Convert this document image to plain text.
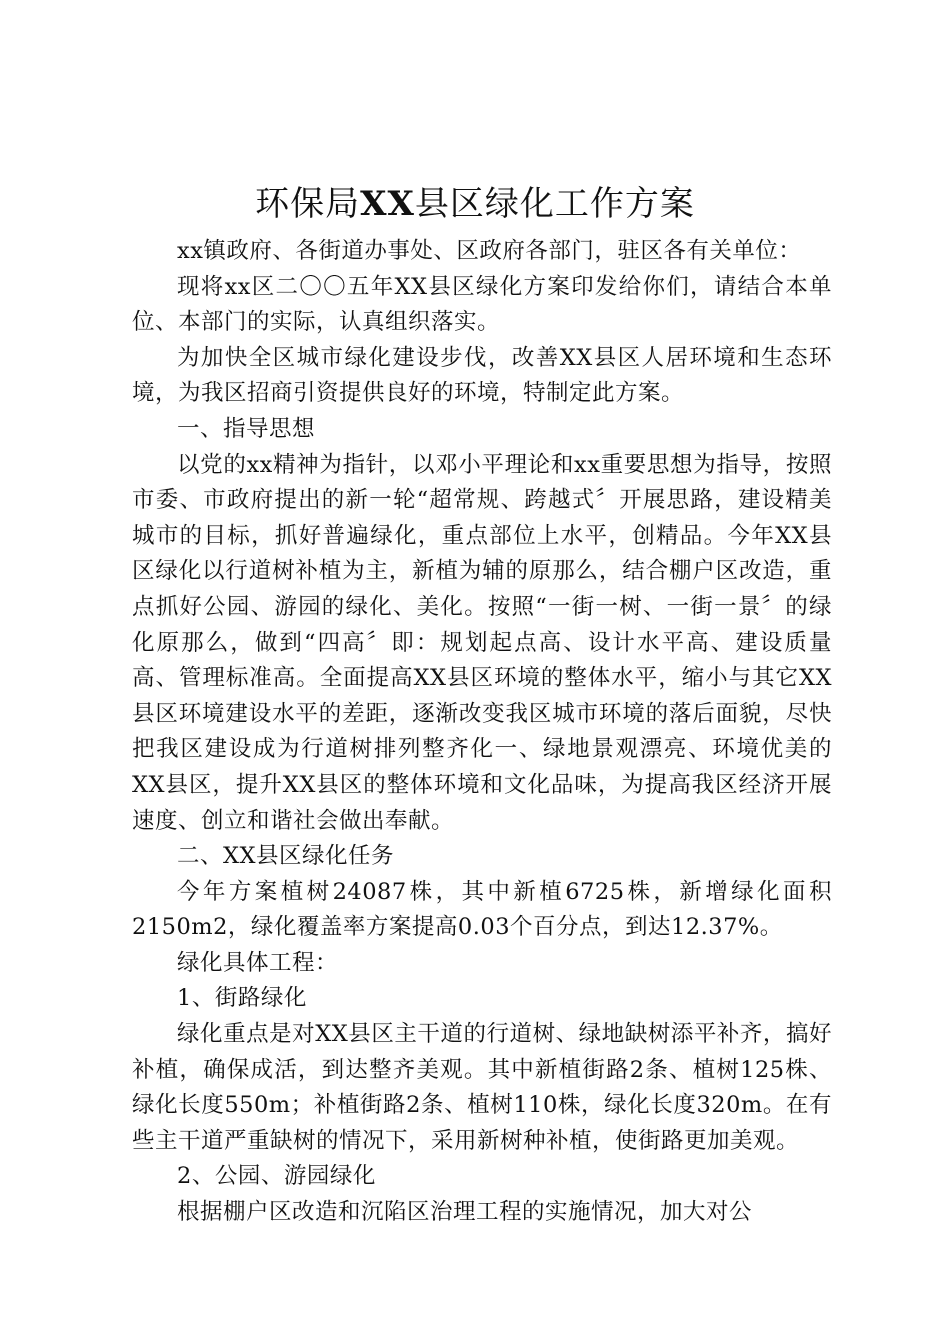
环保局XX县区绿化工作方案

xx镇政府、各街道办事处、区政府各部门，驻区各有关单位：

现将xx区二〇〇五年XX县区绿化方案印发给你们，请结合本单位、本部门的实际，认真组织落实。

为加快全区城市绿化建设步伐，改善XX县区人居环境和生态环境，为我区招商引资提供良好的环境，特制定此方案。

一、指导思想

以党的xx精神为指针，以邓小平理论和xx重要思想为指导，按照市委、市政府提出的新一轮“超常规、跨越式〞开展思路，建设精美城市的目标，抓好普遍绿化，重点部位上水平，创精品。今年XX县区绿化以行道树补植为主，新植为辅的原那么，结合棚户区改造，重点抓好公园、游园的绿化、美化。按照“一街一树、一街一景〞的绿化原那么，做到“四高〞即：规划起点高、设计水平高、建设质量高、管理标准高。全面提高XX县区环境的整体水平，缩小与其它XX县区环境建设水平的差距，逐渐改变我区城市环境的落后面貌，尽快把我区建设成为行道树排列整齐化一、绿地景观漂亮、环境优美的XX县区，提升XX县区的整体环境和文化品味，为提高我区经济开展速度、创立和谐社会做出奉献。

二、XX县区绿化任务

今年方案植树24087株，其中新植6725株，新增绿化面积2150m2，绿化覆盖率方案提高0.03个百分点，到达12.37%。

绿化具体工程：

1、街路绿化

绿化重点是对XX县区主干道的行道树、绿地缺树添平补齐，搞好补植，确保成活，到达整齐美观。其中新植街路2条、植树125株、绿化长度550m；补植街路2条、植树110株，绿化长度320m。在有些主干道严重缺树的情况下，采用新树种补植，使街路更加美观。

2、公园、游园绿化

根据棚户区改造和沉陷区治理工程的实施情况，加大对公
